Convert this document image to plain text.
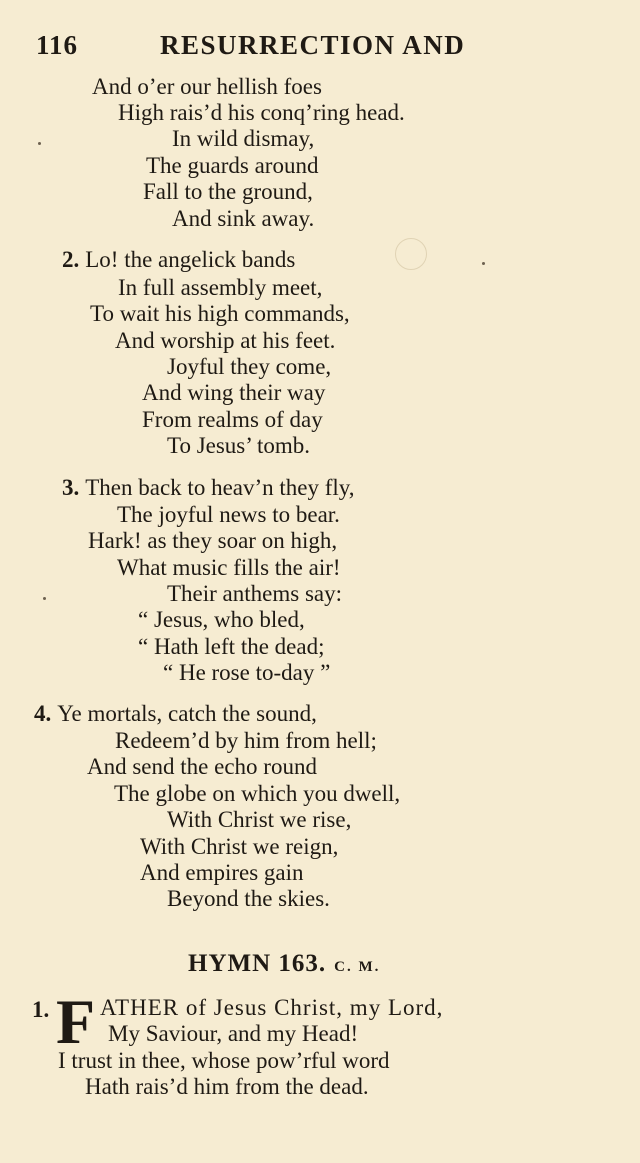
116	RESURRECTION AND
And o’er our hellish foes
High rais’d his conq’ring head.
In wild dismay,
The guards around
Fall to the ground,
And sink away.
2. Lo! the angelick bands
In full assembly meet,
To wait his high commands,
And worship at his feet.
Joyful they come,
And wing their way
From realms of day
To Jesus’ tomb.
3. Then back to heav’n they fly,
The joyful news to bear.
Hark! as they soar on high,
What music fills the air!
Their anthems say:
“ Jesus, who bled,
“ Hath left the dead;
“ He rose to-day ”
4. Ye mortals, catch the sound,
Redeem’d by him from hell;
And send the echo round
The globe on which you dwell,
With Christ we rise,
With Christ we reign,
And empires gain
Beyond the skies.
HYMN 163. C. M.
1. F ATHER of Jesus Christ, my Lord,
My Saviour, and my Head!
I trust in thee, whose pow’rful word
Hath rais’d him from the dead.
